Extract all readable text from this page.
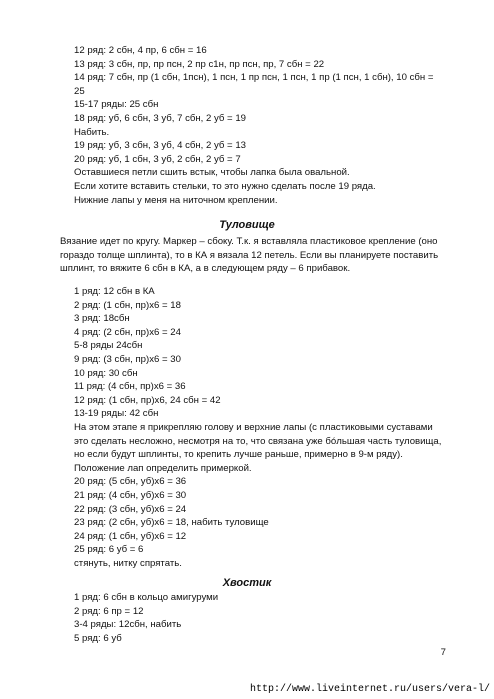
12 ряд: 2 сбн, 4 пр, 6 сбн = 16
13 ряд: 3 сбн, пр, пр псн, 2 пр с1н, пр псн, пр, 7 сбн = 22
14 ряд: 7 сбн, пр (1 сбн, 1псн), 1 псн, 1 пр псн, 1 псн, 1 пр (1 псн, 1 сбн), 10 сбн =
25
15-17 ряды: 25 сбн
18 ряд: уб, 6 сбн, 3 уб, 7 сбн, 2 уб = 19
Набить.
19 ряд: уб, 3 сбн, 3 уб, 4 сбн, 2 уб = 13
20 ряд: уб, 1 сбн, 3 уб, 2 сбн, 2 уб = 7
Оставшиеся петли сшить встык, чтобы лапка была овальной.
Если хотите вставить стельки, то это нужно сделать после 19 ряда.
Нижние лапы у меня на ниточном креплении.
Туловище
Вязание идет по кругу. Маркер – сбоку. Т.к. я вставляла пластиковое крепление (оно гораздо толще шплинта), то в КА я вязала 12 петель. Если вы планируете поставить шплинт, то вяжите 6 сбн в КА, а в следующем ряду – 6 прибавок.
1 ряд: 12 сбн в КА
2 ряд: (1 сбн, пр)х6 = 18
3 ряд: 18сбн
4 ряд: (2 сбн, пр)х6 = 24
5-8 ряды 24сбн
9 ряд: (3 сбн, пр)х6 = 30
10 ряд: 30 сбн
11 ряд: (4 сбн, пр)х6 = 36
12 ряд: (1 сбн, пр)х6, 24 сбн = 42
13-19 ряды: 42 сбн
На этом этапе я прикрепляю голову и верхние лапы (с пластиковыми суставами это сделать несложно, несмотря на то, что связана уже бóльшая часть туловища, но если будут шплинты, то крепить лучше раньше, примерно в 9-м ряду). Положение лап определить примеркой.
20 ряд: (5 сбн, уб)х6 = 36
21 ряд: (4 сбн, уб)х6 = 30
22 ряд: (3 сбн, уб)х6 = 24
23 ряд: (2 сбн, уб)х6 = 18, набить туловище
24 ряд: (1 сбн, уб)х6 = 12
25 ряд: 6 уб = 6
стянуть, нитку спрятать.
Хвостик
1 ряд: 6 сбн в кольцо амигуруми
2 ряд: 6 пр = 12
3-4 ряды: 12сбн, набить
5 ряд: 6 уб
7
http://www.liveinternet.ru/users/vera-l/
